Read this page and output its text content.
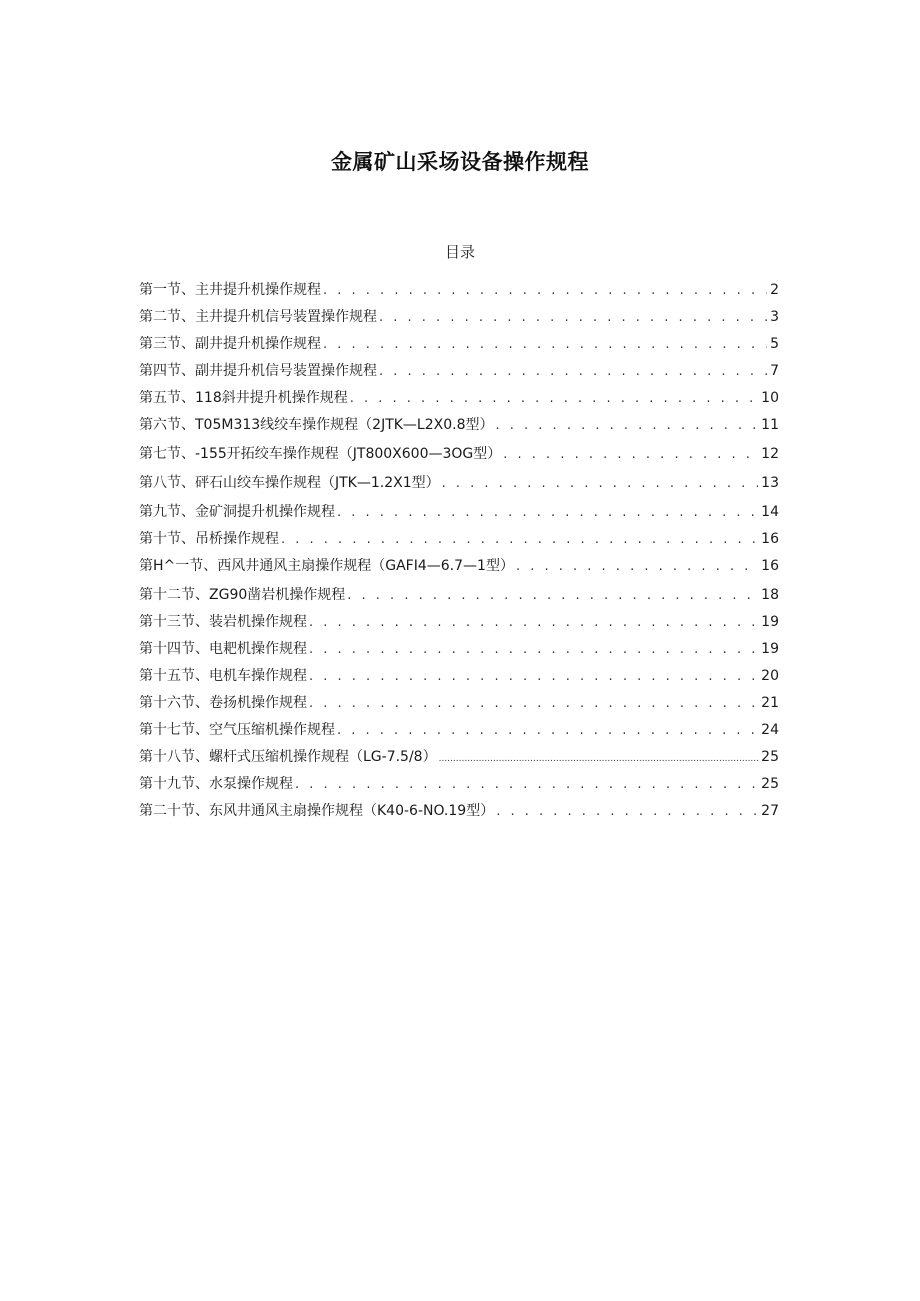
金属矿山采场设备操作规程
目录
第一节、主井提升机操作规程 . . .	2
第二节、主井提升机信号装置操作规程 . . .	3
第三节、副井提升机操作规程 . . .	5
第四节、副井提升机信号装置操作规程 . . .	7
第五节、118斜井提升机操作规程 . . .	10
第六节、T05M313线绞车操作规程（2JTK—L2X0.8型） . . .	11
第七节、-155开拓绞车操作规程（JT800X600—3OG型） . . .	12
第八节、砰石山绞车操作规程（JTK—1.2X1型） . . .	13
第九节、金矿洞提升机操作规程 . . .	14
第十节、吊桥操作规程 . . .	16
第H^一节、西风井通风主扇操作规程（GAFI4—6.7—1型） . . .	16
第十二节、ZG90凿岩机操作规程 . . .	18
第十三节、装岩机操作规程 . . .	19
第十四节、电耙机操作规程 . . .	19
第十五节、电机车操作规程 . . .	20
第十六节、卷扬机操作规程 . . .	21
第十七节、空气压缩机操作规程 . . .	24
第十八节、螺杆式压缩机操作规程（LG-7.5/8） .....	25
第十九节、水泵操作规程 . . .	25
第二十节、东风井通风主扇操作规程（K40-6-NO.19型） . . .	27
